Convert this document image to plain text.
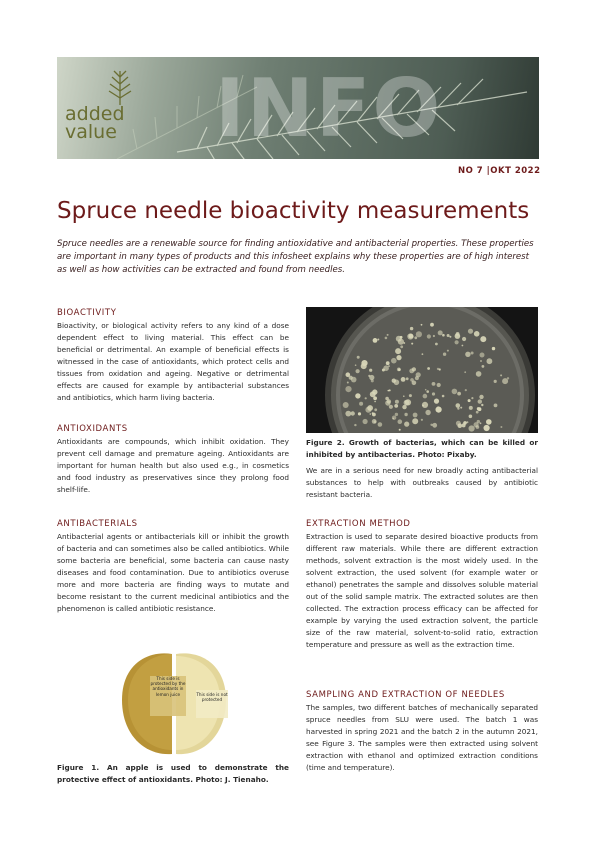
added
value INFO
NO 7 |OKT 2022
Spruce needle bioactivity measurements

Spruce needles are a renewable source for finding antioxidative and antibacterial properties. These properties are important in many types of products and this infosheet explains why these properties are of high interest as well as how activities can be extracted and found from needles.

BIOACTIVITY

Bioactivity, or biological activity refers to any kind of a dose dependent effect to living material. This effect can be beneficial or detrimental. An example of beneficial effects is witnessed in the case of antioxidants, which protect cells and tissues from oxidation and ageing. Negative or detrimental effects are caused for example by antibacterial substances and antibiotics, which harm living bacteria.

ANTIOXIDANTS

Antioxidants are compounds, which inhibit oxidation. They prevent cell damage and premature ageing. Antioxidants are important for human health but also used e.g., in cosmetics and food industry as preservatives since they prolong food shelf-life.

ANTIBACTERIALS

Antibacterial agents or antibacterials kill or inhibit the growth of bacteria and can sometimes also be called antibiotics. While some bacteria are beneficial, some bacteria can cause nasty diseases and food contamination. Due to antibiotics overuse more and more bacteria are finding ways to mutate and become resistant to the current medicinal antibiotics and the phenomenon is called antibiotic resistance.

This side is protected by the antioxidants in lemon juice	This side is not protected

Figure 1. An apple is used to demonstrate the protective effect of antioxidants. Photo: J. Tienaho.

Figure 2. Growth of bacterias, which can be killed or inhibited by antibacterias. Photo: Pixaby.

We are in a serious need for new broadly acting antibacterial substances to help with outbreaks caused by antibiotic resistant bacteria.

EXTRACTION METHOD

Extraction is used to separate desired bioactive products from different raw materials. While there are different extraction methods, solvent extraction is the most widely used. In the solvent extraction, the used solvent (for example water or ethanol) penetrates the sample and dissolves soluble material out of the solid sample matrix. The extracted solutes are then collected. The extraction process efficacy can be affected for example by varying the used extraction solvent, the particle size of the raw material, solvent-to-solid ratio, extraction temperature and pressure as well as the extraction time.

SAMPLING AND EXTRACTION OF NEEDLES

The samples, two different batches of mechanically separated spruce needles from SLU were used. The batch 1 was harvested in spring 2021 and the batch 2 in the autumn 2021, see Figure 3. The samples were then extracted using solvent extraction with ethanol and optimized extraction conditions (time and temperature).
